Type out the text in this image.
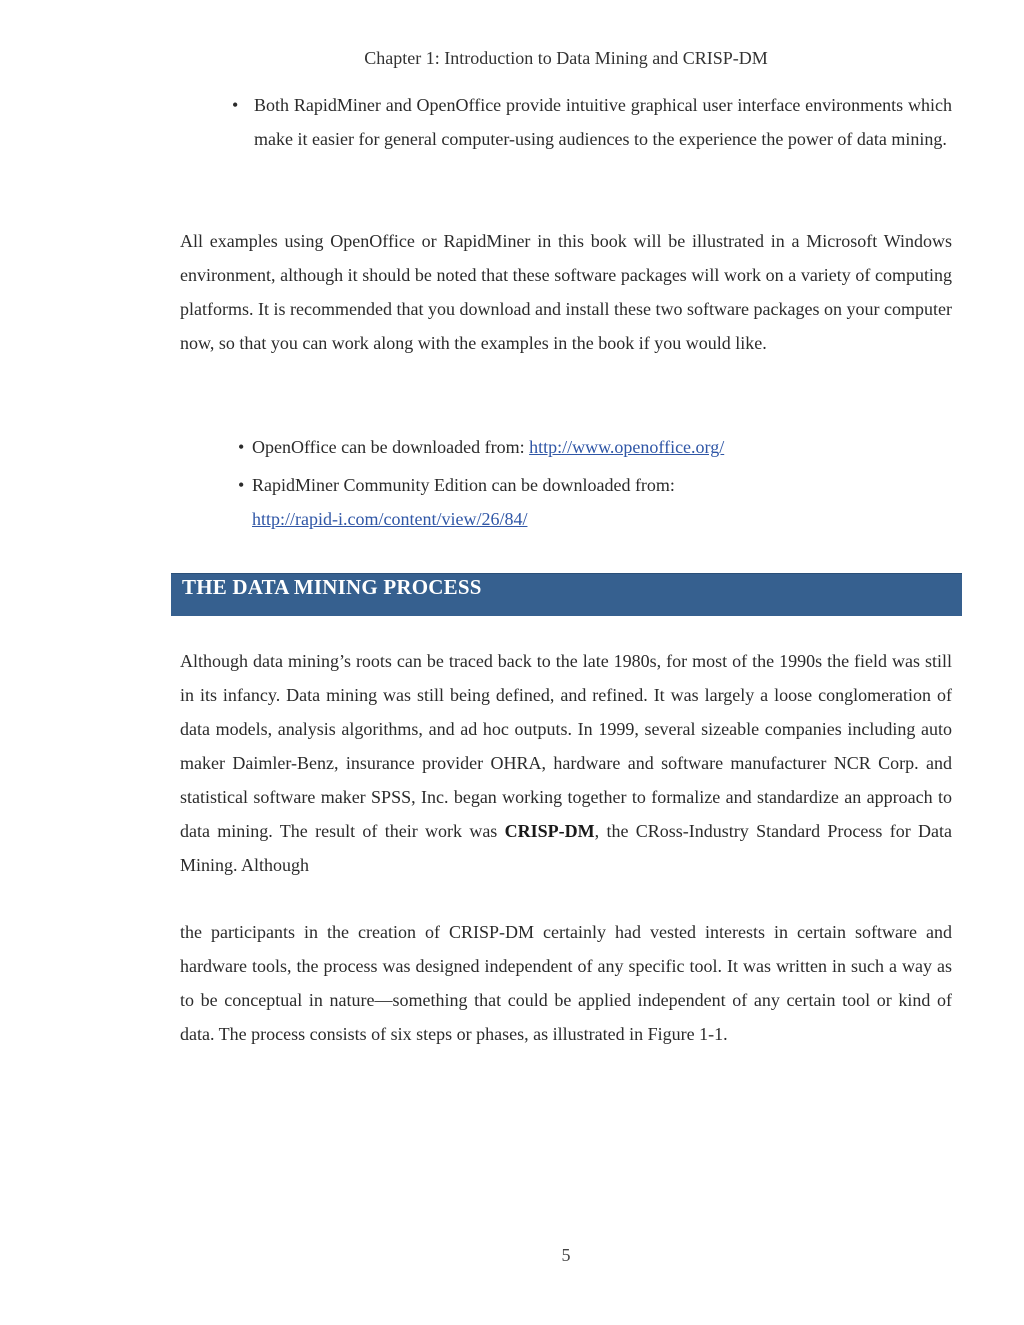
Chapter 1: Introduction to Data Mining and CRISP-DM
• Both RapidMiner and OpenOffice provide intuitive graphical user interface environments which make it easier for general computer-using audiences to the experience the power of data mining.

All examples using OpenOffice or RapidMiner in this book will be illustrated in a Microsoft Windows environment, although it should be noted that these software packages will work on a variety of computing platforms. It is recommended that you download and install these two software packages on your computer now, so that you can work along with the examples in the book if you would like.

• OpenOffice can be downloaded from: http://www.openoffice.org/
• RapidMiner Community Edition can be downloaded from:
http://rapid-i.com/content/view/26/84/
THE DATA MINING PROCESS

Although data mining’s roots can be traced back to the late 1980s, for most of the 1990s the field was still in its infancy. Data mining was still being defined, and refined. It was largely a loose conglomeration of data models, analysis algorithms, and ad hoc outputs. In 1999, several sizeable companies including auto maker Daimler-Benz, insurance provider OHRA, hardware and software manufacturer NCR Corp. and statistical software maker SPSS, Inc. began working together to formalize and standardize an approach to data mining. The result of their work was CRISP-DM, the CRoss-Industry Standard Process for Data Mining. Although

the participants in the creation of CRISP-DM certainly had vested interests in certain software and hardware tools, the process was designed independent of any specific tool. It was written in such a way as to be conceptual in nature—something that could be applied independent of any certain tool or kind of data. The process consists of six steps or phases, as illustrated in Figure 1-1.

5
